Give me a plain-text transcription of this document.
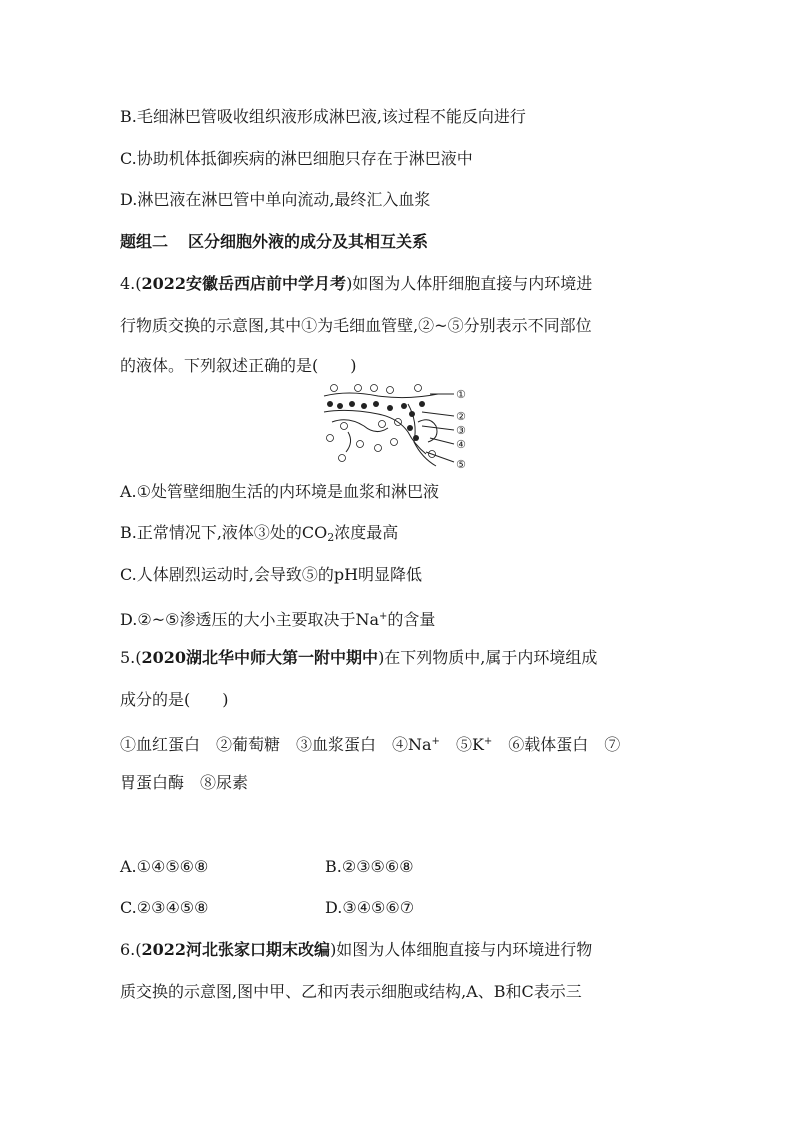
B.毛细淋巴管吸收组织液形成淋巴液,该过程不能反向进行
C.协助机体抵御疾病的淋巴细胞只存在于淋巴液中
D.淋巴液在淋巴管中单向流动,最终汇入血浆
题组二 区分细胞外液的成分及其相互关系
4.(2022安徽岳西店前中学月考)如图为人体肝细胞直接与内环境进
行物质交换的示意图,其中①为毛细血管壁,②~⑤分别表示不同部位
的液体。下列叙述正确的是(　　)
①
②
③
④
⑤
A.①处管壁细胞生活的内环境是血浆和淋巴液
B.正常情况下,液体③处的$CO_2$浓度最高
C.人体剧烈运动时,会导致⑤的pH明显降低
D.②~⑤渗透压的大小主要取决于Na+的含量
5.(2020湖北华中师大第一附中期中)在下列物质中,属于内环境组成
成分的是(　　)
①血红蛋白　②葡萄糖　③血浆蛋白　④Na+　⑤K+　⑥载体蛋白　⑦
胃蛋白酶　⑧尿素
A.①④⑤⑥⑧	B.②③⑤⑥⑧
C.②③④⑤⑧	D.③④⑤⑥⑦
6.(2022河北张家口期末改编)如图为人体细胞直接与内环境进行物
质交换的示意图,图中甲、乙和丙表示细胞或结构,A、B和C表示三
